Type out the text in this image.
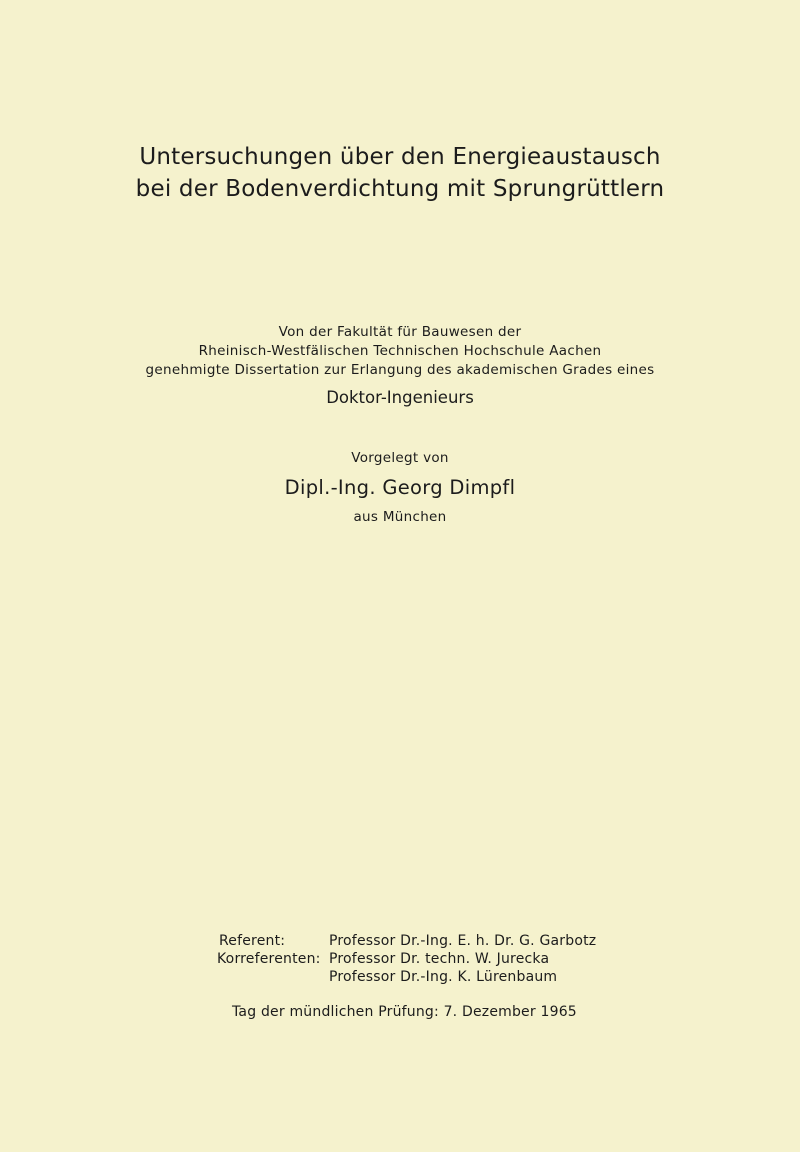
Untersuchungen über den Energieaustausch
bei der Bodenverdichtung mit Sprungrüttlern
Von der Fakultät für Bauwesen der
Rheinisch-Westfälischen Technischen Hochschule Aachen
genehmigte Dissertation zur Erlangung des akademischen Grades eines
Doktor-Ingenieurs
Vorgelegt von
Dipl.-Ing. Georg Dimpfl
aus München
Referent:	Professor Dr.-Ing. E. h. Dr. G. Garbotz
Korreferenten: Professor Dr. techn. W. Jurecka
Professor Dr.-Ing. K. Lürenbaum
Tag der mündlichen Prüfung: 7. Dezember 1965
